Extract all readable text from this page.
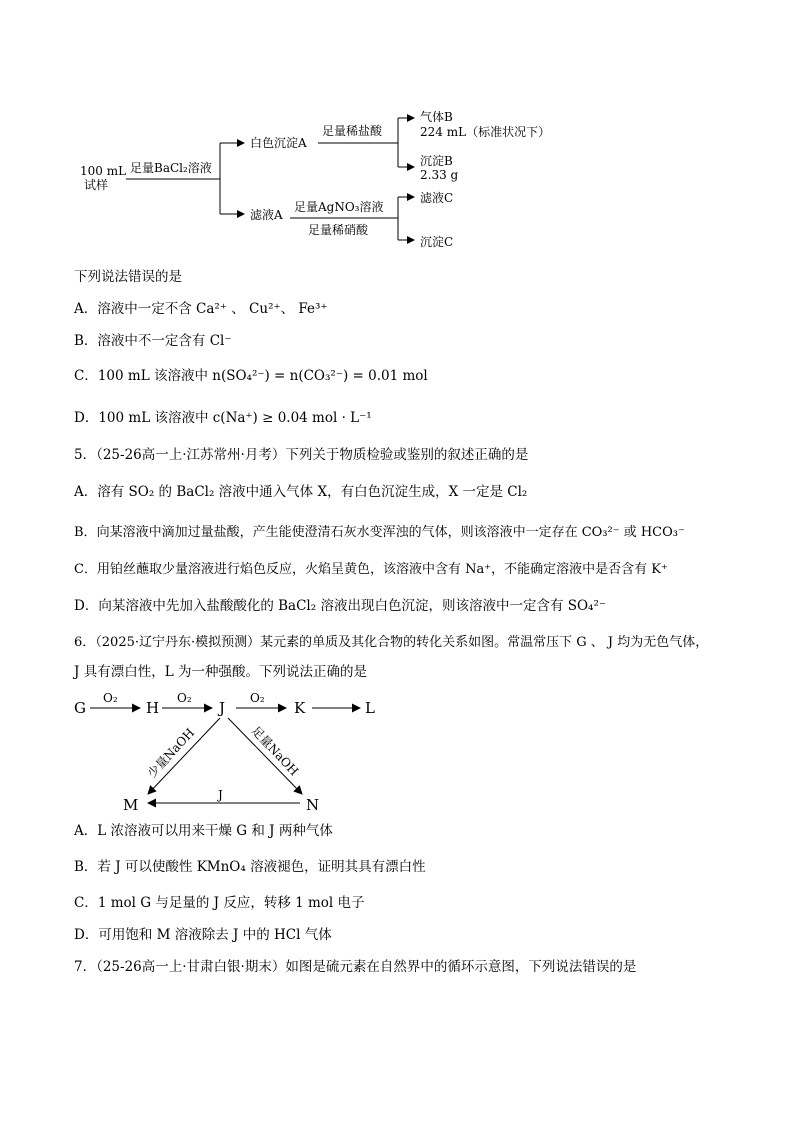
100 mL
试样
足量BaCl₂溶液
白色沉淀A
足量稀盐酸
气体B
224 mL（标准状况下）
沉淀B
2.33 g
滤液A
足量AgNO₃溶液
足量稀硝酸
滤液C
沉淀C
下列说法错误的是
A．溶液中一定不含 Ca²⁺ 、 Cu²⁺、 Fe³⁺
B．溶液中不一定含有 Cl⁻
C．100 mL 该溶液中 n(SO₄²⁻) = n(CO₃²⁻) = 0.01 mol
D．100 mL 该溶液中 c(Na⁺) ≥ 0.04 mol · L⁻¹
5．（25-26高一上·江苏常州·月考）下列关于物质检验或鉴别的叙述正确的是
A．溶有 SO₂ 的 BaCl₂ 溶液中通入气体 X，有白色沉淀生成，X 一定是 Cl₂
B．向某溶液中滴加过量盐酸，产生能使澄清石灰水变浑浊的气体，则该溶液中一定存在 CO₃²⁻ 或 HCO₃⁻
C．用铂丝蘸取少量溶液进行焰色反应，火焰呈黄色，该溶液中含有 Na⁺，不能确定溶液中是否含有 K⁺
D．向某溶液中先加入盐酸酸化的 BaCl₂ 溶液出现白色沉淀，则该溶液中一定含有 SO₄²⁻
6．（2025·辽宁丹东·模拟预测）某元素的单质及其化合物的转化关系如图。常温常压下 G 、 J 均为无色气体，
J 具有漂白性，L 为一种强酸。下列说法正确的是
G	H	J	K	L
M	N
O₂	O₂	O₂
J
少量NaOH	足量NaOH
A．L 浓溶液可以用来干燥 G 和 J 两种气体
B．若 J 可以使酸性 KMnO₄ 溶液褪色，证明其具有漂白性
C．1 mol G 与足量的 J 反应，转移 1 mol 电子
D．可用饱和 M 溶液除去 J 中的 HCl 气体
7．（25-26高一上·甘肃白银·期末）如图是硫元素在自然界中的循环示意图，下列说法错误的是
